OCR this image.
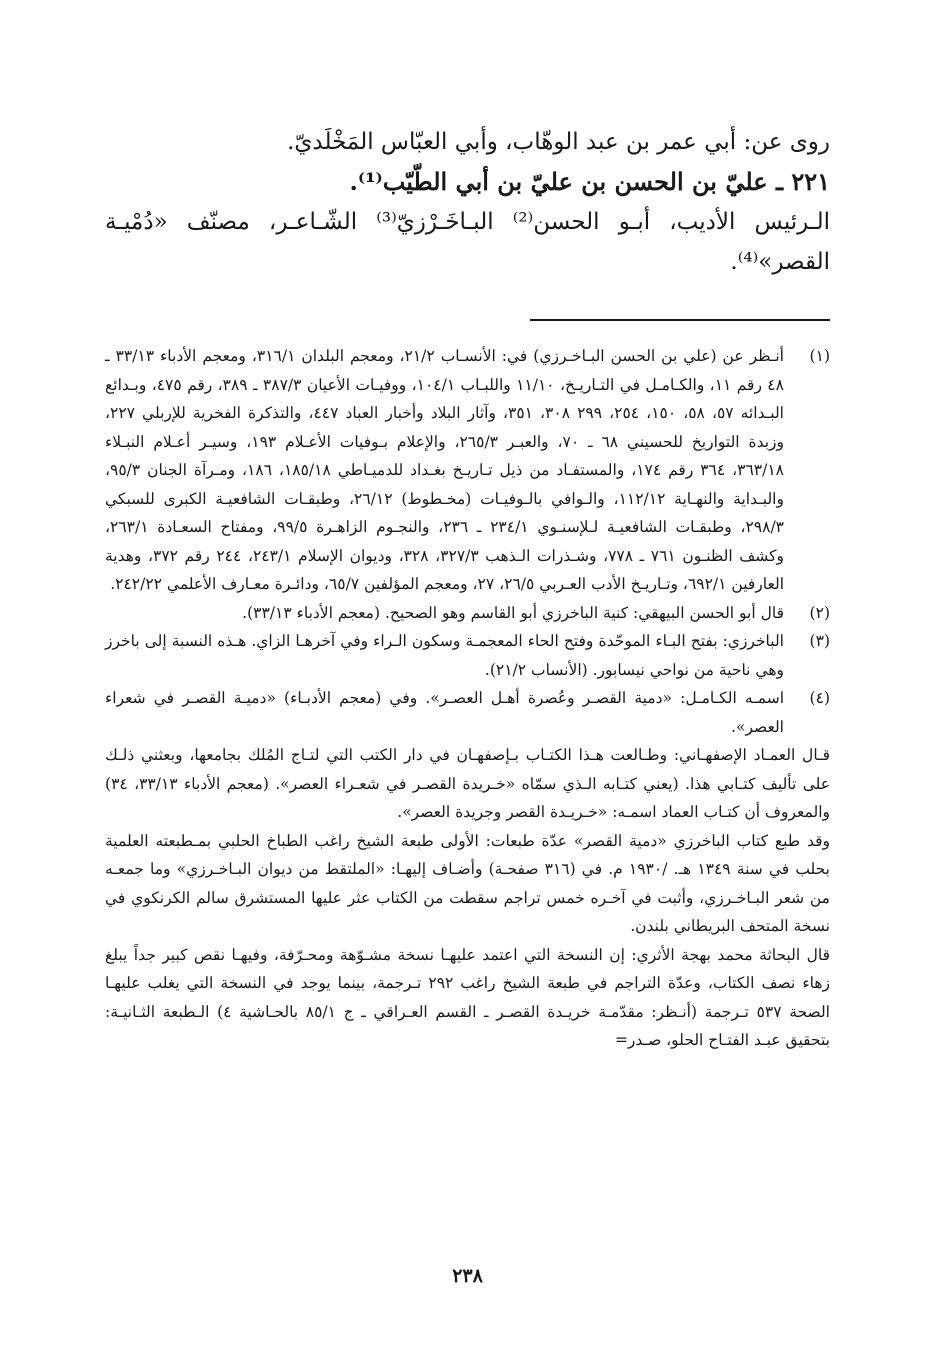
روى عن: أبي عمر بن عبد الوهّاب، وأبي العبّاس المَخْلَديّ.

٢٢١ ـ عليّ بن الحسن بن عليّ بن أبي الطّيّب⁽¹⁾.

الـرئيس الأديب، أبـو الحسن⁽²⁾ البـاخَـرْزيّ⁽³⁾ الشّـاعـر، مصنّف «دُمْيـة القصر»⁽⁴⁾.

(١)
أنـظر عن (علي بن الحسن البـاخـرزي) في: الأنسـاب ٢١/٢، ومعجم البلدان ٣١٦/١، ومعجم الأدباء ٣٣/١٣ ـ ٤٨ رقم ١١، والكـامـل في التـاريـخ، ١١/١٠ واللبـاب ١٠٤/١، ووفيـات الأعيان ٣٨٧/٣ ـ ٣٨٩، رقم ٤٧٥، وبـدائع البـدائه ٥٧، ٥٨، ١٥٠، ٢٥٤، ٢٩٩ ٣٠٨، ٣٥١، وآثار البلاد وأخبار العباد ٤٤٧، والتذكرة الفخرية للإربلي ٢٢٧، وزبدة التواريخ للحسيني ٦٨ ـ ٧٠، والعبـر ٢٦٥/٣، والإعلام بـوفيات الأعـلام ١٩٣، وسيـر أعـلام النبـلاء ٣٦٣/١٨، ٣٦٤ رقم ١٧٤، والمستفـاد من ذيل تـاريـخ بغـداد للدميـاطي ١٨٥/١٨، ١٨٦، ومـرآة الجنان ٩٥/٣، والبـداية والنهـاية ١١٢/١٢، والـوافي بالـوفيـات (مخـطوط) ٢٦/١٢، وطبقـات الشافعيـة الكبرى للسبكي ٢٩٨/٣، وطبقـات الشافعيـة لـلإسنـوي ٢٣٤/١ ـ ٢٣٦، والنجـوم الزاهـرة ٩٩/٥، ومفتاح السعـادة ٢٦٣/١، وكشف الظنـون ٧٦١ ـ ٧٧٨، وشـذرات الـذهب ٣٢٧/٣، ٣٢٨، وديوان الإسلام ٢٤٣/١، ٢٤٤ رقم ٣٧٢، وهدية العارفين ٦٩٢/١، وتـاريـخ الأدب العـربي ٢٦/٥، ٢٧، ومعجم المؤلفين ٦٥/٧، ودائـرة معـارف الأعلمي ٢٤٢/٢٢.
(٢)
قال أبو الحسن البيهقي: كنية الباخرزي أبو القاسم وهو الصحيح. (معجم الأدباء ٣٣/١٣).
(٣)
الباخرزي: بفتح البـاء الموحّدة وفتح الحاء المعجمـة وسكون الـراء وفي آخرهـا الزاي. هـذه النسبة إلى باخرز وهي ناحية من نواحي نيسابور. (الأنساب ٢١/٢).
(٤)
اسمـه الكـامـل: «دمية القصـر وعُصرة أهـل العصـر». وفي (معجم الأدبـاء) «دميـة القصـر في شعراء العصر».

قـال العمـاد الإصفهـاني: وطـالعت هـذا الكتـاب بـإصفهـان في دار الكتب التي لتـاج المُلك بجامعها، وبعثني ذلـك على تأليف كتـابي هذا. (يعني كتـابه الـذي سمّاه «خـريدة القصـر في شعـراء العصر». (معجم الأدباء ٣٣/١٣، ٣٤) والمعروف أن كتـاب العماد اسمـه: «خـريـدة القصر وجريدة العصر».

وقد طبع كتاب الباخرزي «دمية القصر» عدّة طبعات: الأولى طبعة الشيخ راغب الطباخ الحلبي بمـطبعته العلمية بحلب في سنة ١٣٤٩ هـ. /١٩٣٠ م. في (٣١٦ صفحـة) وأضـاف إليهـا: «الملتقط من ديوان البـاخـرزي» وما جمعـه من شعر البـاخـرزي، وأثبت في آخـره خمس تراجم سقطت من الكتاب عثر عليها المستشرق سالم الكرنكوي في نسخة المتحف البريطاني بلندن.

قال البحاثة محمد بهجة الأثري: إن النسخة التي اعتمد عليهـا نسخة مشـوّهة ومحـرّفة، وفيهـا نقص كبير جداً يبلغ زهاء نصف الكتاب، وعدّة التراجم في طبعة الشيخ راغب ٢٩٢ تـرجمة، بينما يوجد في النسخة التي يغلب عليهـا الصحة ٥٣٧ تـرجمة (أنـظر: مقدّمـة خريـدة القصـر ـ القسم العـراقي ـ ج ٨٥/١ بالحـاشية ٤) الـطبعة الثـانيـة: بتحقيق عبـد الفتـاح الحلو، صـدر=

٢٣٨
